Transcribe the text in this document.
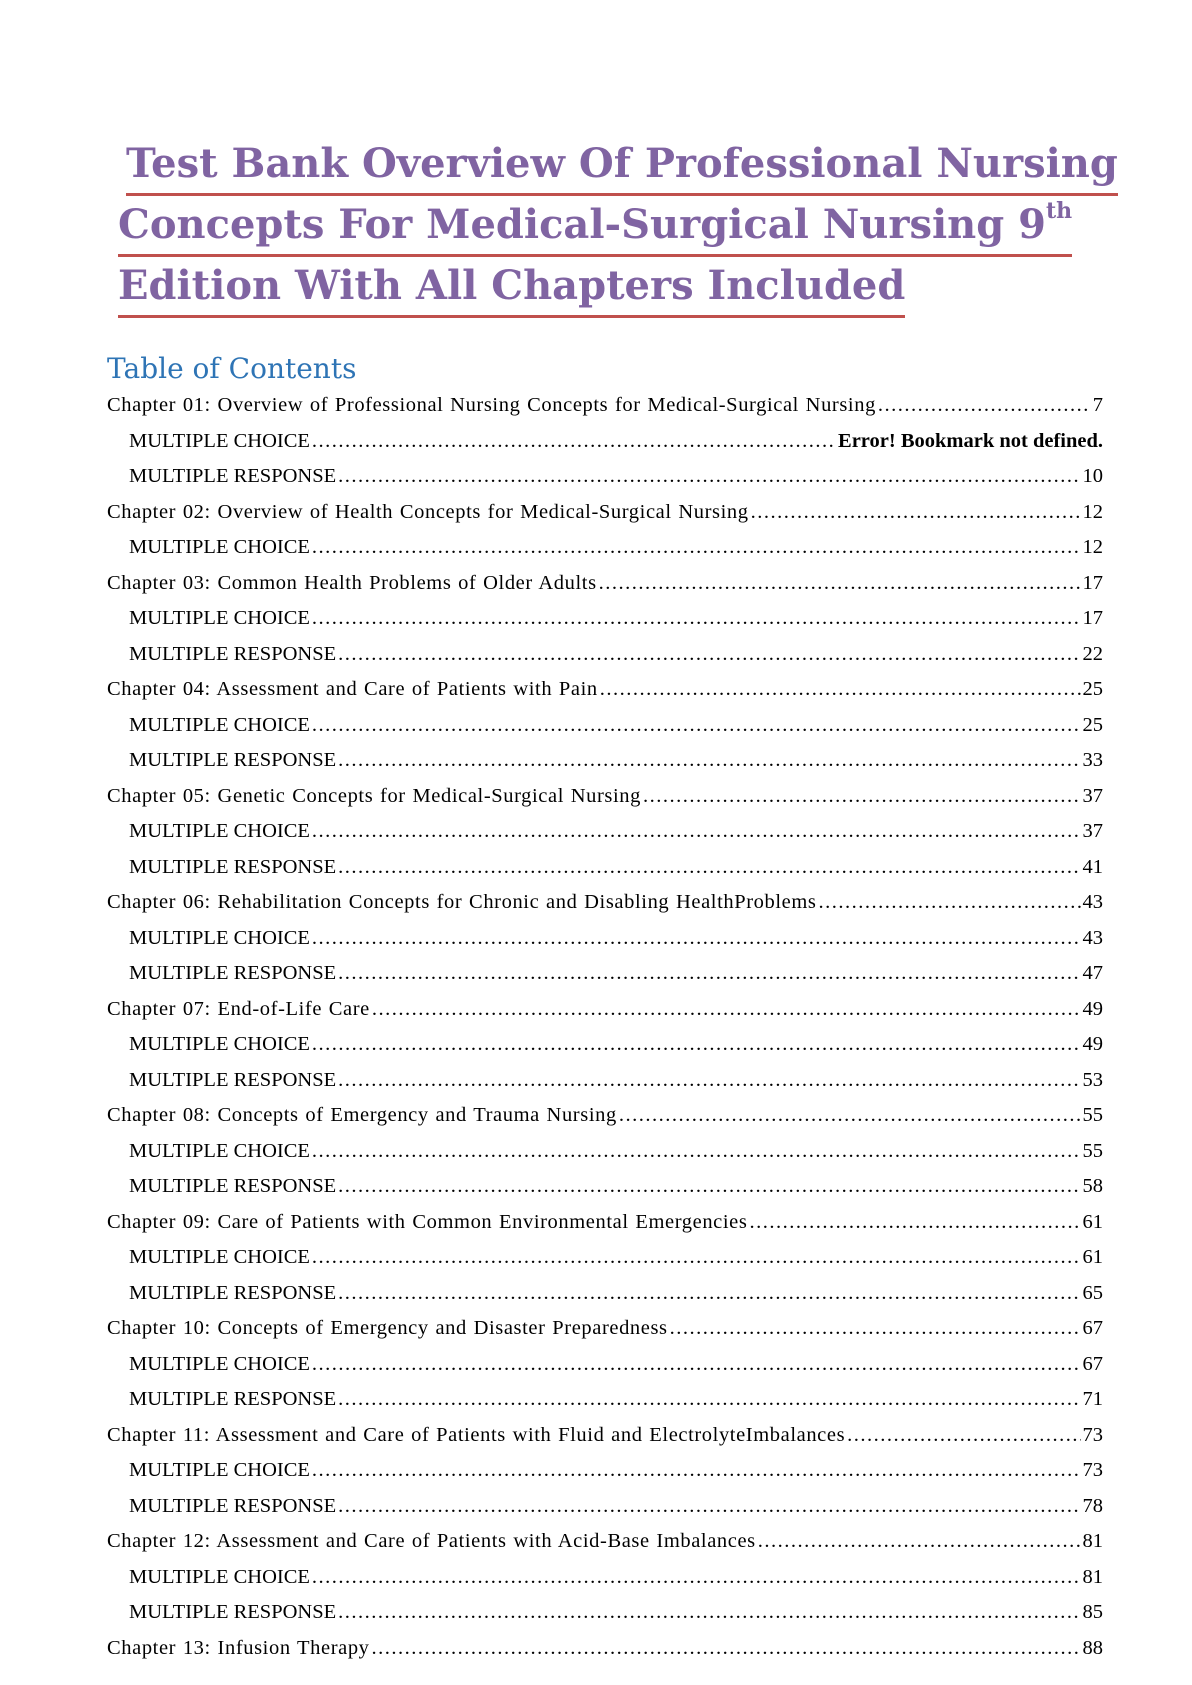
Test Bank Overview Of Professional Nursing
Concepts For Medical-Surgical Nursing 9th
Edition With All Chapters Included
Table of Contents
Chapter 01: Overview of Professional Nursing Concepts for Medical-Surgical Nursing .....	7
MULTIPLE CHOICE .....	Error! Bookmark not defined.
MULTIPLE RESPONSE .....	10
Chapter 02: Overview of Health Concepts for Medical-Surgical Nursing .....	12
MULTIPLE CHOICE .....	12
Chapter 03: Common Health Problems of Older Adults .....	17
MULTIPLE CHOICE .....	17
MULTIPLE RESPONSE .....	22
Chapter 04: Assessment and Care of Patients with Pain .....	25
MULTIPLE CHOICE .....	25
MULTIPLE RESPONSE .....	33
Chapter 05: Genetic Concepts for Medical-Surgical Nursing .....	37
MULTIPLE CHOICE .....	37
MULTIPLE RESPONSE .....	41
Chapter 06: Rehabilitation Concepts for Chronic and Disabling HealthProblems .....	43
MULTIPLE CHOICE .....	43
MULTIPLE RESPONSE .....	47
Chapter 07: End-of-Life Care .....	49
MULTIPLE CHOICE .....	49
MULTIPLE RESPONSE .....	53
Chapter 08: Concepts of Emergency and Trauma Nursing .....	55
MULTIPLE CHOICE .....	55
MULTIPLE RESPONSE .....	58
Chapter 09: Care of Patients with Common Environmental Emergencies .....	61
MULTIPLE CHOICE .....	61
MULTIPLE RESPONSE .....	65
Chapter 10: Concepts of Emergency and Disaster Preparedness .....	67
MULTIPLE CHOICE .....	67
MULTIPLE RESPONSE .....	71
Chapter 11: Assessment and Care of Patients with Fluid and ElectrolyteImbalances .....	73
MULTIPLE CHOICE .....	73
MULTIPLE RESPONSE .....	78
Chapter 12: Assessment and Care of Patients with Acid-Base Imbalances .....	81
MULTIPLE CHOICE .....	81
MULTIPLE RESPONSE .....	85
Chapter 13: Infusion Therapy .....	88
